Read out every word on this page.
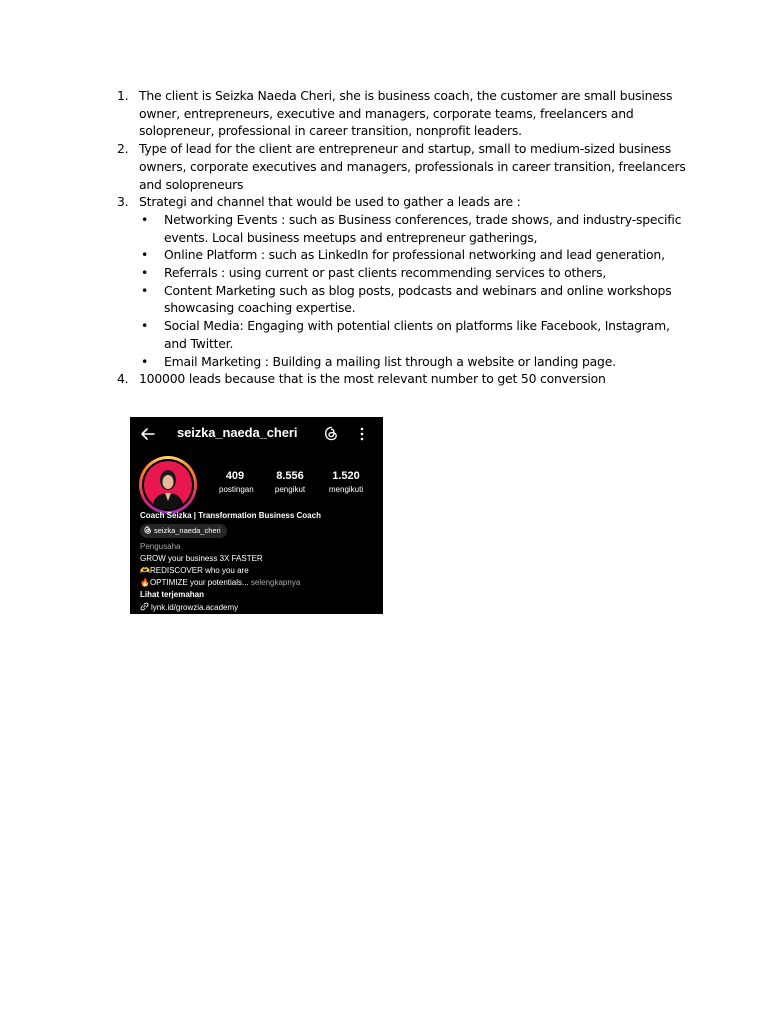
1. The client is Seizka Naeda Cheri, she is business coach, the customer are small business
owner, entrepreneurs, executive and managers, corporate teams, freelancers and
solopreneur, professional in career transition, nonprofit leaders.
2. Type of lead for the client are entrepreneur and startup, small to medium-sized business
owners, corporate executives and managers, professionals in career transition, freelancers
and solopreneurs
3. Strategi and channel that would be used to gather a leads are :
• Networking Events : such as Business conferences, trade shows, and industry-specific
events. Local business meetups and entrepreneur gatherings,
• Online Platform : such as LinkedIn for professional networking and lead generation,
• Referrals : using current or past clients recommending services to others,
• Content Marketing such as blog posts, podcasts and webinars and online workshops
showcasing coaching expertise.
• Social Media: Engaging with potential clients on platforms like Facebook, Instagram,
and Twitter.
• Email Marketing : Building a mailing list through a website or landing page.
4. 100000 leads because that is the most relevant number to get 50 conversion
seizka_naeda_cheri
409
postingan
8.556
pengikut
1.520
mengikuti
Coach Seizka | Transformation Business Coach
seizka_naeda_cheri
Pengusaha
GROW your business 3X FASTER
🫶REDISCOVER who you are
🔥OPTIMIZE your potentials... selengkapnya
Lihat terjemahan
lynk.id/growzia.academy
